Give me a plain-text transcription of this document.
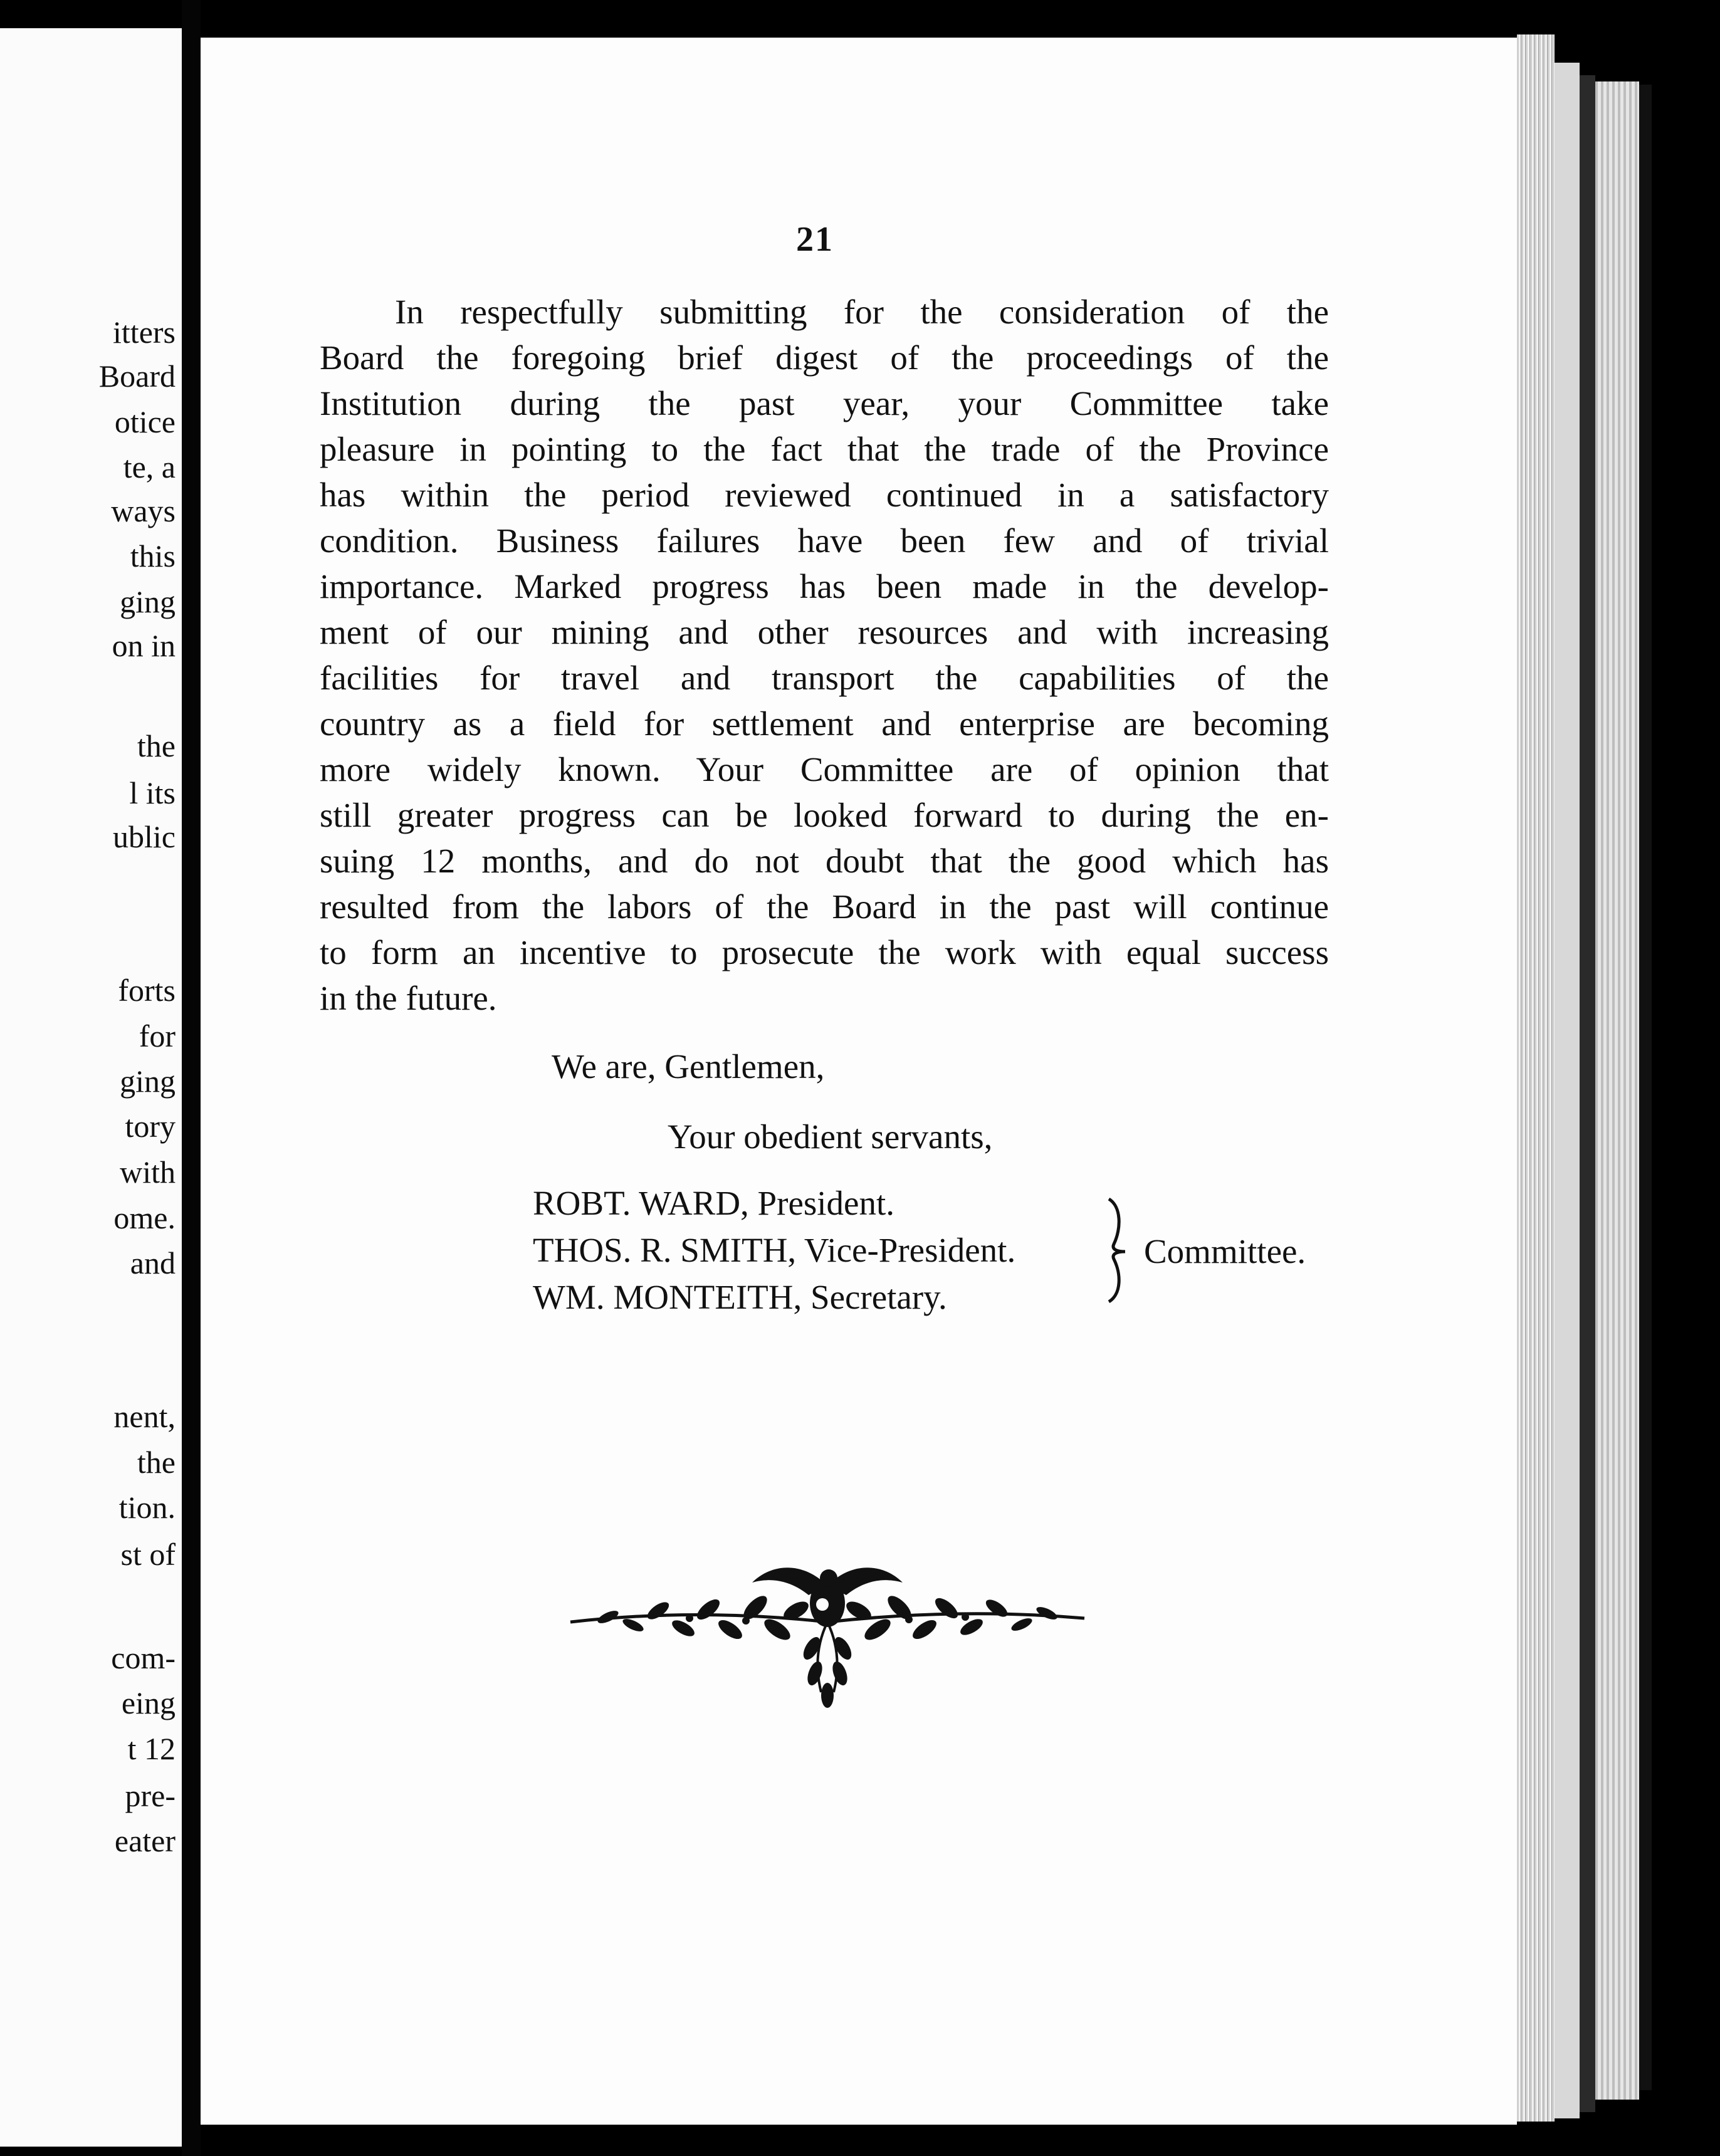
itters
Board
otice
te, a
ways
this
ging
on in
the
l its
ublic
forts
for
ging
tory
with
ome.
and
nent,
the
tion.
st of
com-
eing
t 12
pre-
eater
21
In respectfully submitting for the consideration of the
Board the foregoing brief digest of the proceedings of the
Institution during the past year, your Committee take
pleasure in pointing to the fact that the trade of the Province
has within the period reviewed continued in a satisfactory
condition. Business failures have been few and of trivial
importance. Marked progress has been made in the develop-
ment of our mining and other resources and with increasing
facilities for travel and transport the capabilities of the
country as a field for settlement and enterprise are becoming
more widely known. Your Committee are of opinion that
still greater progress can be looked forward to during the en-
suing 12 months, and do not doubt that the good which has
resulted from the labors of the Board in the past will continue
to form an incentive to prosecute the work with equal success
in the future.
We are, Gentlemen,
Your obedient servants,
ROBT. WARD, President.
THOS. R. SMITH, Vice-President.
WM. MONTEITH, Secretary.
Committee.
